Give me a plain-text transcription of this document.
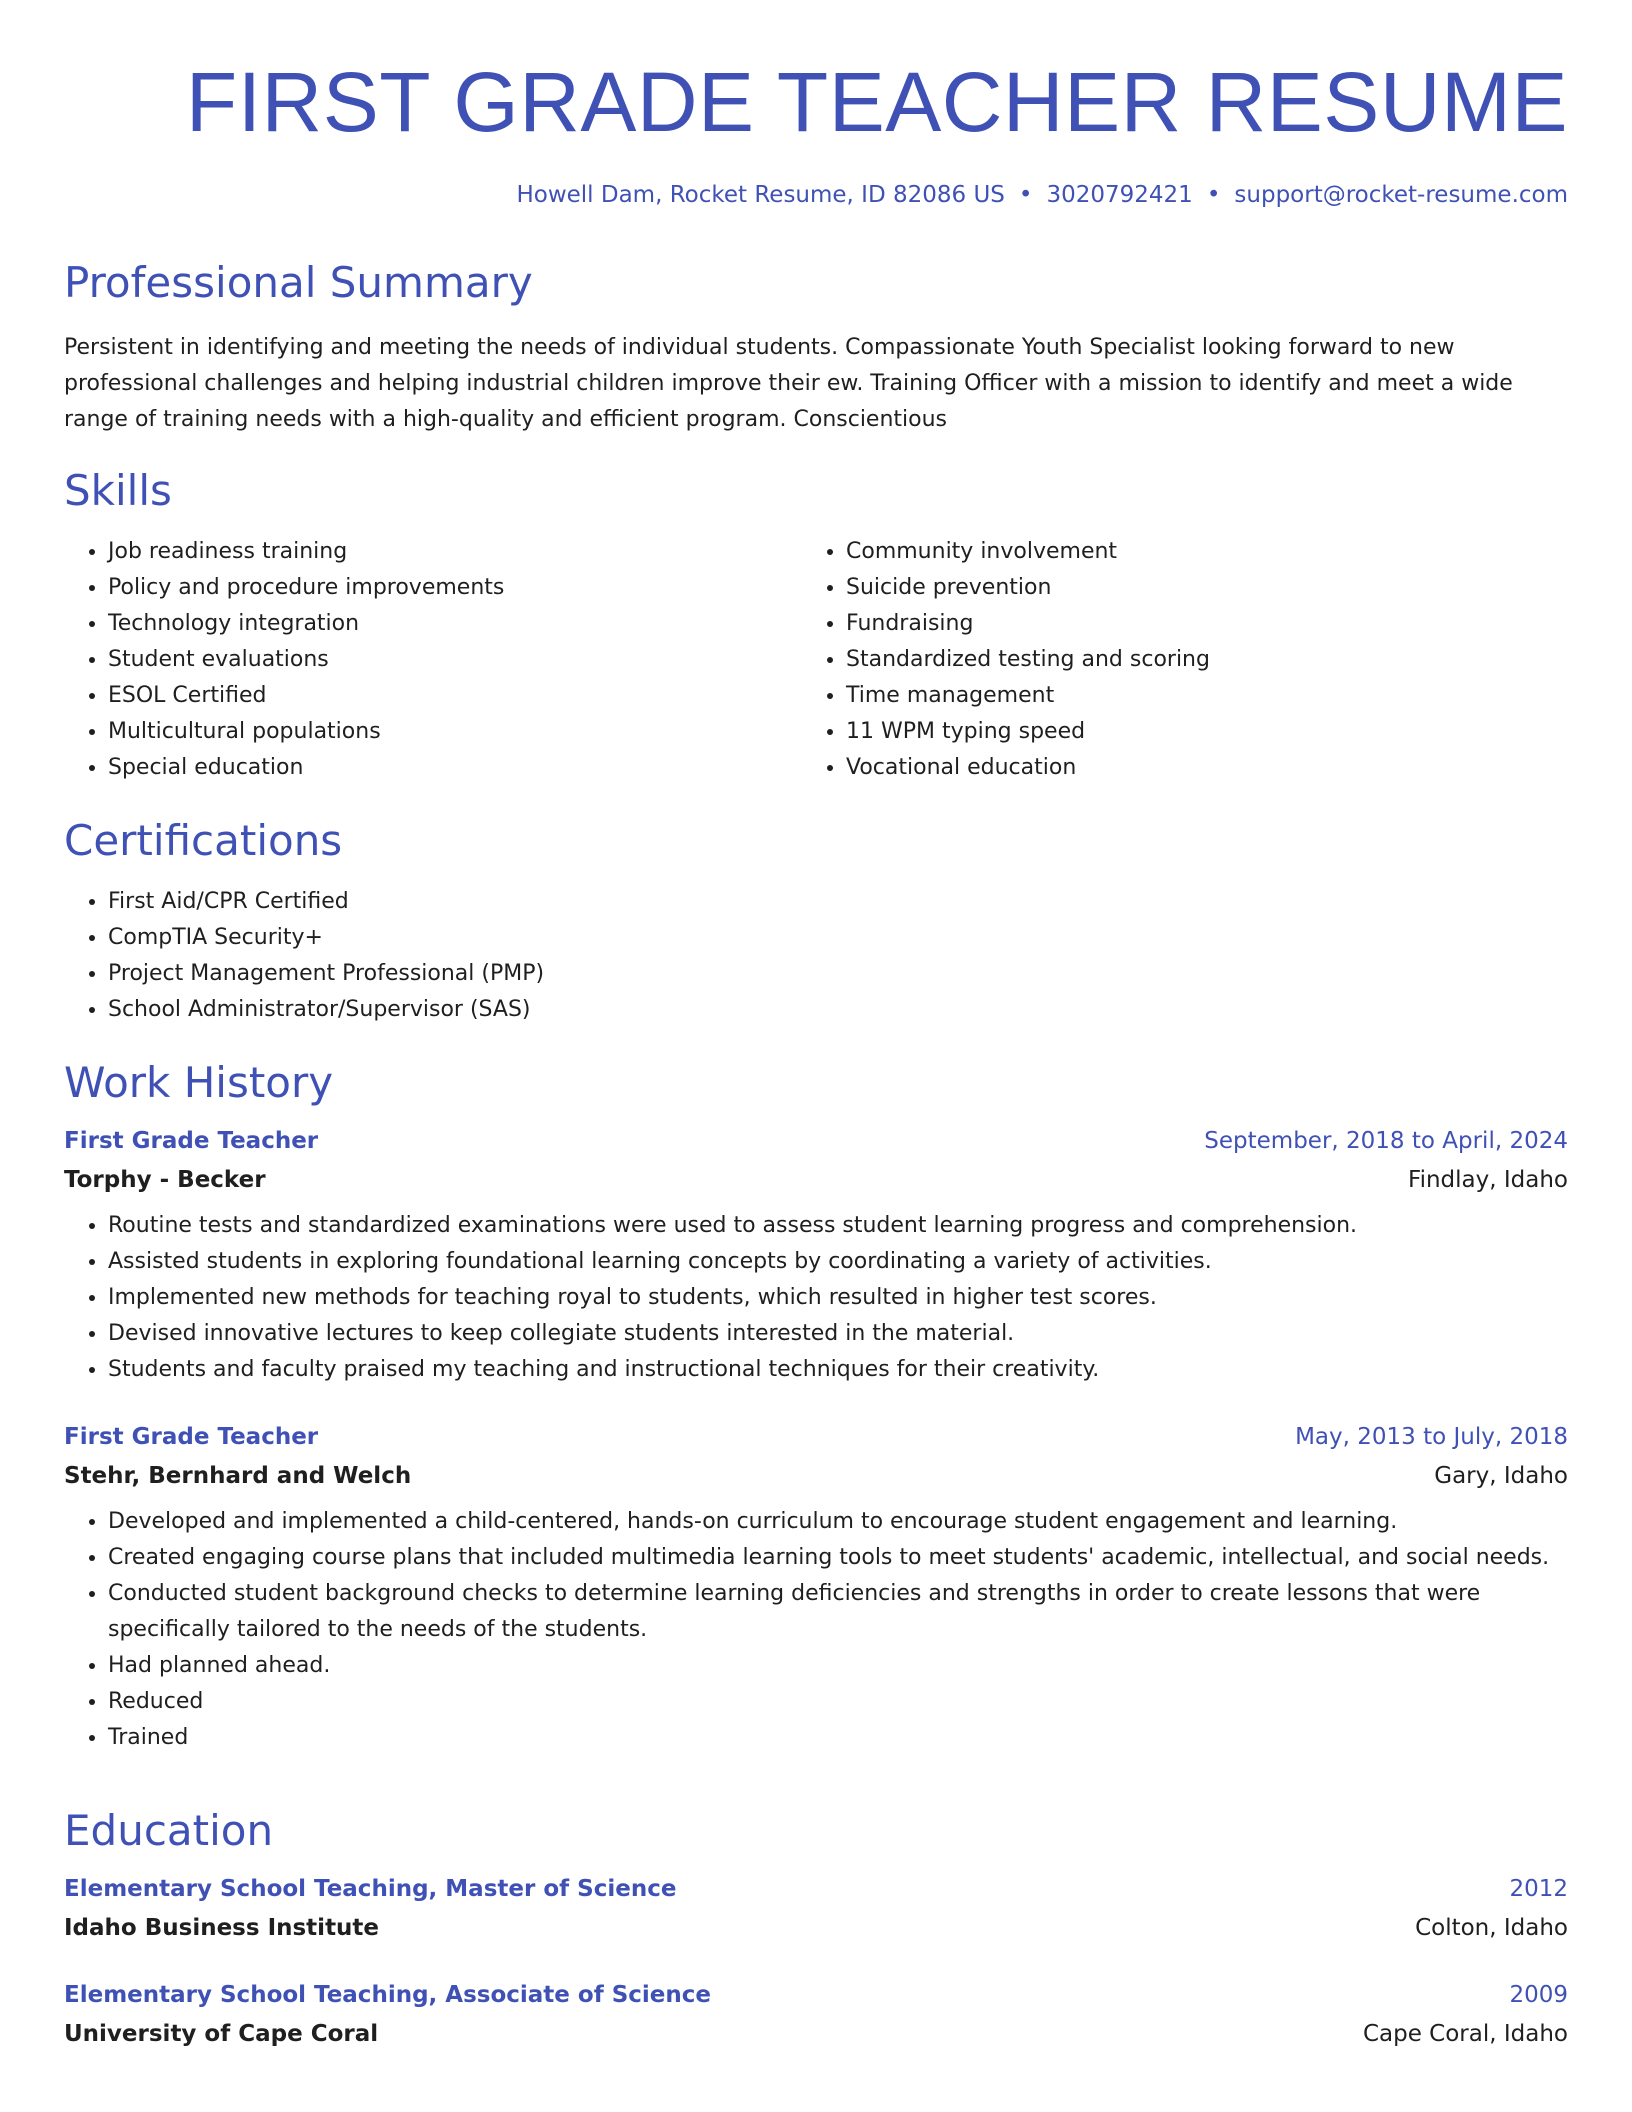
FIRST GRADE TEACHER RESUME
Howell Dam, Rocket Resume, ID 82086 US • 3020792421 • support@rocket-resume.com
Professional Summary
Persistent in identifying and meeting the needs of individual students. Compassionate Youth Specialist looking forward to new professional challenges and helping industrial children improve their ew. Training Officer with a mission to identify and meet a wide range of training needs with a high-quality and efficient program. Conscientious
Skills
• Job readiness training
• Policy and procedure improvements
• Technology integration
• Student evaluations
• ESOL Certified
• Multicultural populations
• Special education
• Community involvement
• Suicide prevention
• Fundraising
• Standardized testing and scoring
• Time management
• 11 WPM typing speed
• Vocational education
Certifications
• First Aid/CPR Certified
• CompTIA Security+
• Project Management Professional (PMP)
• School Administrator/Supervisor (SAS)
Work History
First Grade Teacher	September, 2018 to April, 2024
Torphy - Becker	Findlay, Idaho
• Routine tests and standardized examinations were used to assess student learning progress and comprehension.
• Assisted students in exploring foundational learning concepts by coordinating a variety of activities.
• Implemented new methods for teaching royal to students, which resulted in higher test scores.
• Devised innovative lectures to keep collegiate students interested in the material.
• Students and faculty praised my teaching and instructional techniques for their creativity.
First Grade Teacher	May, 2013 to July, 2018
Stehr, Bernhard and Welch	Gary, Idaho
• Developed and implemented a child-centered, hands-on curriculum to encourage student engagement and learning.
• Created engaging course plans that included multimedia learning tools to meet students' academic, intellectual, and social needs.
• Conducted student background checks to determine learning deficiencies and strengths in order to create lessons that were specifically tailored to the needs of the students.
• Had planned ahead.
• Reduced
• Trained
Education
Elementary School Teaching, Master of Science	2012
Idaho Business Institute	Colton, Idaho
Elementary School Teaching, Associate of Science	2009
University of Cape Coral	Cape Coral, Idaho
